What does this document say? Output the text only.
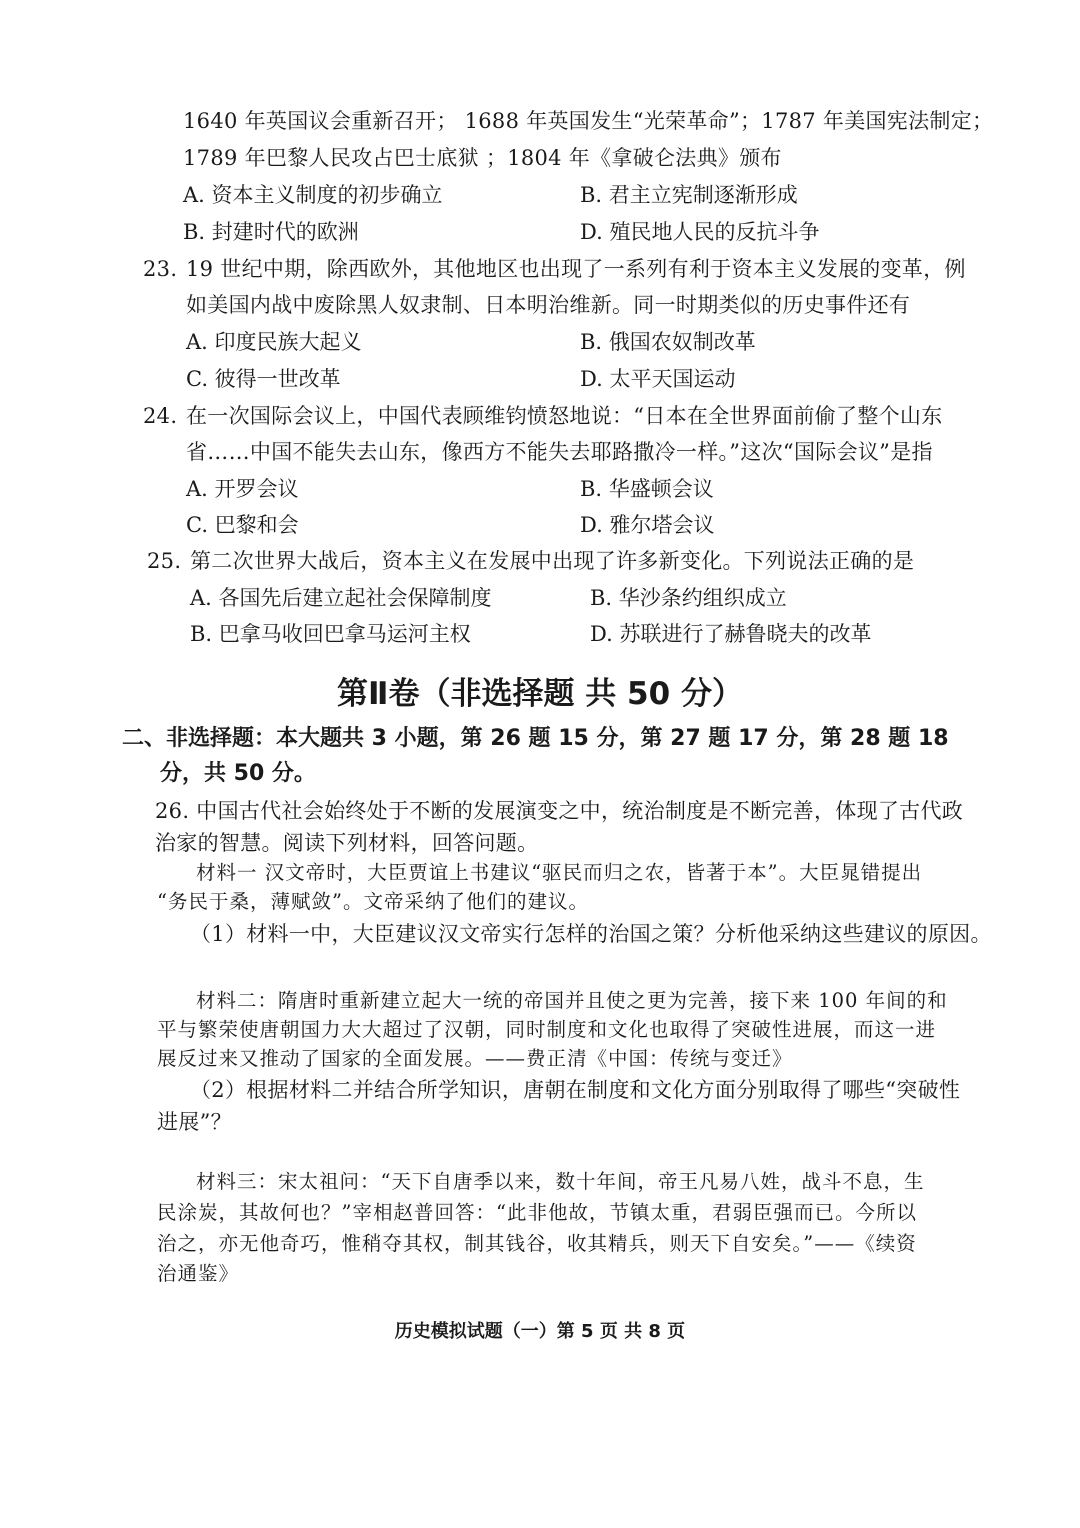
1640 年英国议会重新召开； 1688 年英国发生“光荣革命”；1787 年美国宪法制定；
1789 年巴黎人民攻占巴士底狱 ；1804 年《拿破仑法典》颁布
A. 资本主义制度的初步确立	B. 君主立宪制逐渐形成
B. 封建时代的欧洲	D. 殖民地人民的反抗斗争
23. 19 世纪中期，除西欧外，其他地区也出现了一系列有利于资本主义发展的变革，例
如美国内战中废除黑人奴隶制、日本明治维新。同一时期类似的历史事件还有
A. 印度民族大起义	B. 俄国农奴制改革
C. 彼得一世改革	D. 太平天国运动
24. 在一次国际会议上，中国代表顾维钧愤怒地说：“日本在全世界面前偷了整个山东
省……中国不能失去山东，像西方不能失去耶路撒冷一样。”这次“国际会议”是指
A. 开罗会议	B. 华盛顿会议
C. 巴黎和会	D. 雅尔塔会议
25. 第二次世界大战后，资本主义在发展中出现了许多新变化。下列说法正确的是
A. 各国先后建立起社会保障制度	B. 华沙条约组织成立
B. 巴拿马收回巴拿马运河主权	D. 苏联进行了赫鲁晓夫的改革
第Ⅱ卷（非选择题 共 50 分）
二、非选择题：本大题共 3 小题，第 26 题 15 分，第 27 题 17 分，第 28 题 18
分，共 50 分。
26. 中国古代社会始终处于不断的发展演变之中，统治制度是不断完善，体现了古代政
治家的智慧。阅读下列材料，回答问题。
材料一 汉文帝时，大臣贾谊上书建议“驱民而归之农，皆著于本”。大臣晁错提出
“务民于桑，薄赋敛”。文帝采纳了他们的建议。
（1）材料一中，大臣建议汉文帝实行怎样的治国之策？分析他采纳这些建议的原因。
材料二：隋唐时重新建立起大一统的帝国并且使之更为完善，接下来 100 年间的和
平与繁荣使唐朝国力大大超过了汉朝，同时制度和文化也取得了突破性进展，而这一进
展反过来又推动了国家的全面发展。——费正清《中国：传统与变迁》
（2）根据材料二并结合所学知识，唐朝在制度和文化方面分别取得了哪些“突破性
进展”？
材料三：宋太祖问：“天下自唐季以来，数十年间，帝王凡易八姓，战斗不息，生
民涂炭，其故何也？”宰相赵普回答：“此非他故，节镇太重，君弱臣强而已。今所以
治之，亦无他奇巧，惟稍夺其权，制其钱谷，收其精兵，则天下自安矣。”——《续资
治通鉴》
历史模拟试题（一）第 5 页 共 8 页
